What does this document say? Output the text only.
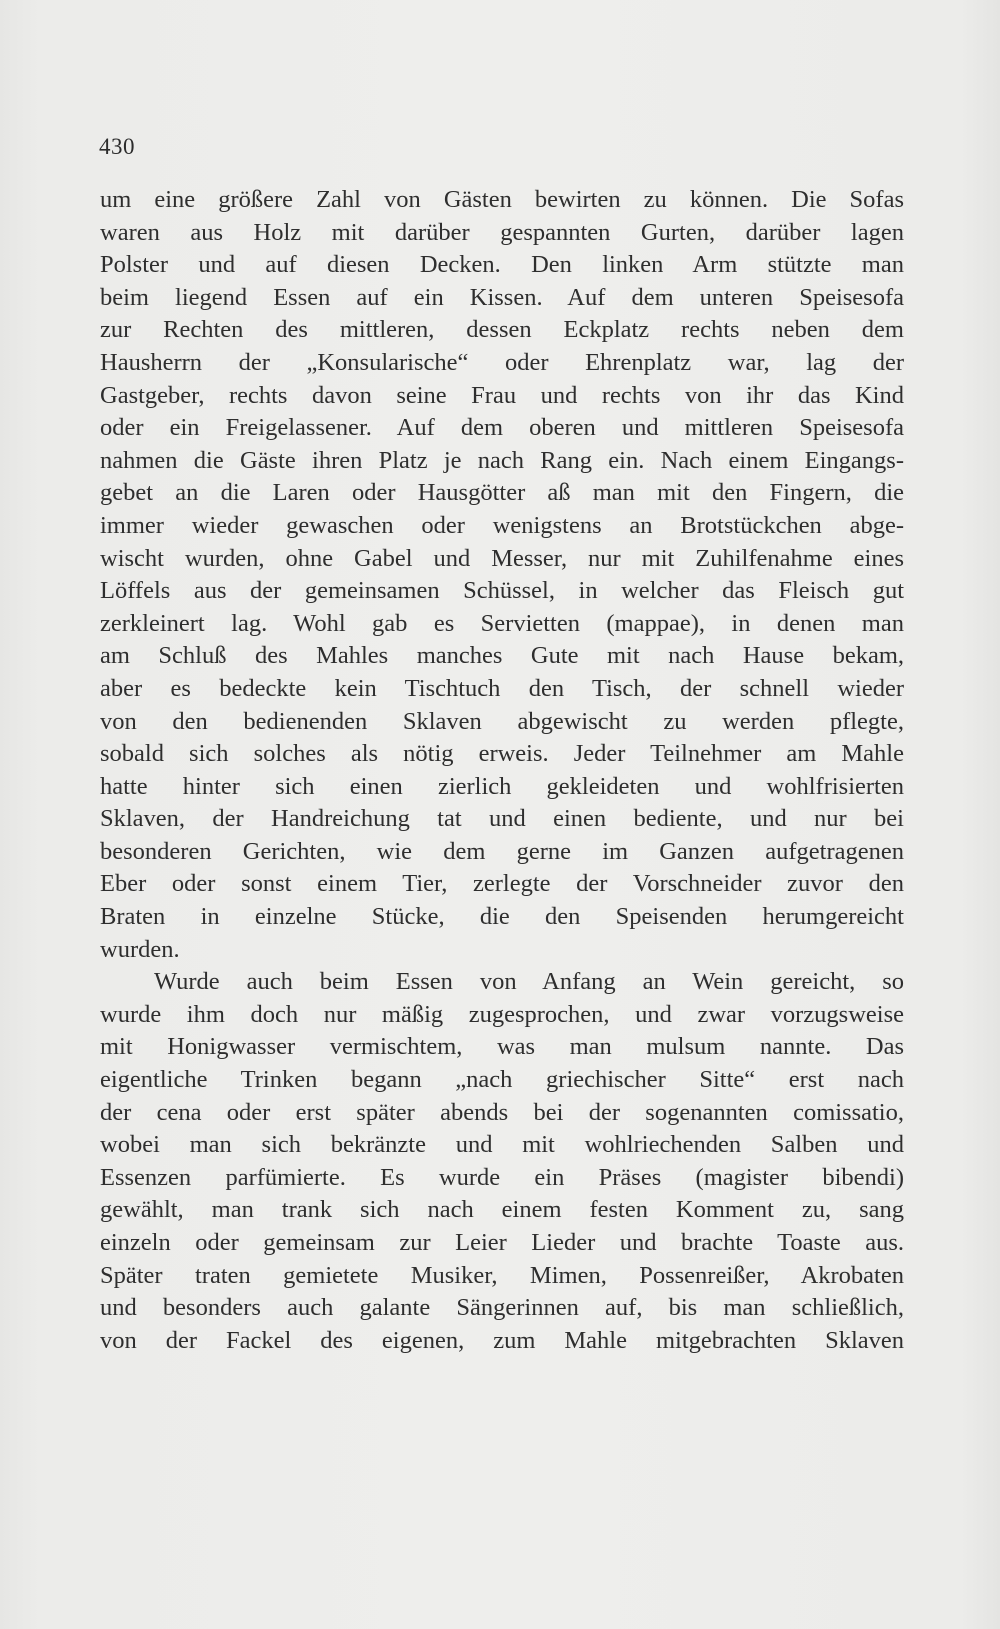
430
um eine größere Zahl von Gästen bewirten zu können. Die Sofas
waren aus Holz mit darüber gespannten Gurten, darüber lagen
Polster und auf diesen Decken. Den linken Arm stützte man
beim liegend Essen auf ein Kissen. Auf dem unteren Speisesofa
zur Rechten des mittleren, dessen Eckplatz rechts neben dem
Hausherrn der „Konsularische“ oder Ehrenplatz war, lag der
Gastgeber, rechts davon seine Frau und rechts von ihr das Kind
oder ein Freigelassener. Auf dem oberen und mittleren Speisesofa
nahmen die Gäste ihren Platz je nach Rang ein. Nach einem Eingangs-
gebet an die Laren oder Hausgötter aß man mit den Fingern, die
immer wieder gewaschen oder wenigstens an Brotstückchen abge-
wischt wurden, ohne Gabel und Messer, nur mit Zuhilfenahme eines
Löffels aus der gemeinsamen Schüssel, in welcher das Fleisch gut
zerkleinert lag. Wohl gab es Servietten (mappae), in denen man
am Schluß des Mahles manches Gute mit nach Hause bekam,
aber es bedeckte kein Tischtuch den Tisch, der schnell wieder
von den bedienenden Sklaven abgewischt zu werden pflegte,
sobald sich solches als nötig erweis. Jeder Teilnehmer am Mahle
hatte hinter sich einen zierlich gekleideten und wohlfrisierten
Sklaven, der Handreichung tat und einen bediente, und nur bei
besonderen Gerichten, wie dem gerne im Ganzen aufgetragenen
Eber oder sonst einem Tier, zerlegte der Vorschneider zuvor den
Braten in einzelne Stücke, die den Speisenden herumgereicht
wurden.
Wurde auch beim Essen von Anfang an Wein gereicht, so
wurde ihm doch nur mäßig zugesprochen, und zwar vorzugsweise
mit Honigwasser vermischtem, was man mulsum nannte. Das
eigentliche Trinken begann „nach griechischer Sitte“ erst nach
der cena oder erst später abends bei der sogenannten comissatio,
wobei man sich bekränzte und mit wohlriechenden Salben und
Essenzen parfümierte. Es wurde ein Präses (magister bibendi)
gewählt, man trank sich nach einem festen Komment zu, sang
einzeln oder gemeinsam zur Leier Lieder und brachte Toaste aus.
Später traten gemietete Musiker, Mimen, Possenreißer, Akrobaten
und besonders auch galante Sängerinnen auf, bis man schließlich,
von der Fackel des eigenen, zum Mahle mitgebrachten Sklaven
